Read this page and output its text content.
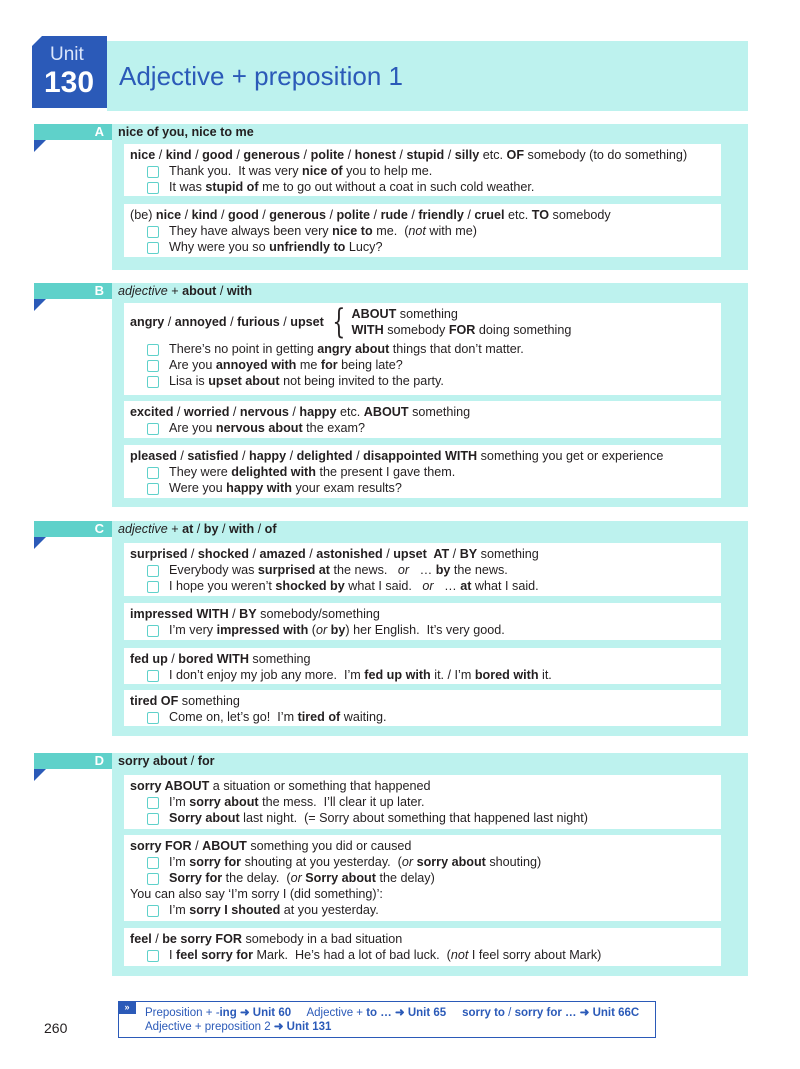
Unit
130 Adjective + preposition 1
A nice of you, nice to me
nice / kind / good / generous / polite / honest / stupid / silly etc. OF somebody (to do something)
Thank you.  It was very nice of you to help me.
It was stupid of me to go out without a coat in such cold weather.
(be) nice / kind / good / generous / polite / rude / friendly / cruel etc. TO somebody
They have always been very nice to me.  (not with me)
Why were you so unfriendly to Lucy?
B adjective + about / with
angry / annoyed / furious / upset { ABOUT something
WITH somebody FOR doing something
There’s no point in getting angry about things that don’t matter.
Are you annoyed with me for being late?
Lisa is upset about not being invited to the party.
excited / worried / nervous / happy etc. ABOUT something
Are you nervous about the exam?
pleased / satisfied / happy / delighted / disappointed WITH something you get or experience
They were delighted with the present I gave them.
Were you happy with your exam results?
C adjective + at / by / with / of
surprised / shocked / amazed / astonished / upset  AT / BY something
Everybody was surprised at the news.   or   … by the news.
I hope you weren’t shocked by what I said.   or   … at what I said.
impressed WITH / BY somebody/something
I’m very impressed with (or by) her English.  It’s very good.
fed up / bored WITH something
I don’t enjoy my job any more.  I’m fed up with it. / I’m bored with it.
tired OF something
Come on, let’s go!  I’m tired of waiting.
D sorry about / for
sorry ABOUT a situation or something that happened
I’m sorry about the mess.  I’ll clear it up later.
Sorry about last night.  (= Sorry about something that happened last night)
sorry FOR / ABOUT something you did or caused
I’m sorry for shouting at you yesterday.  (or sorry about shouting)
Sorry for the delay.  (or Sorry about the delay)
You can also say ‘I’m sorry I (did something)’:
I’m sorry I shouted at you yesterday.
feel / be sorry FOR somebody in a bad situation
I feel sorry for Mark.  He’s had a lot of bad luck.  (not I feel sorry about Mark)
260
»	Preposition + -ing ➜ Unit 60     Adjective + to … ➜ Unit 65 sorry to / sorry for … ➜ Unit 66C
Adjective + preposition 2 ➜ Unit 131
